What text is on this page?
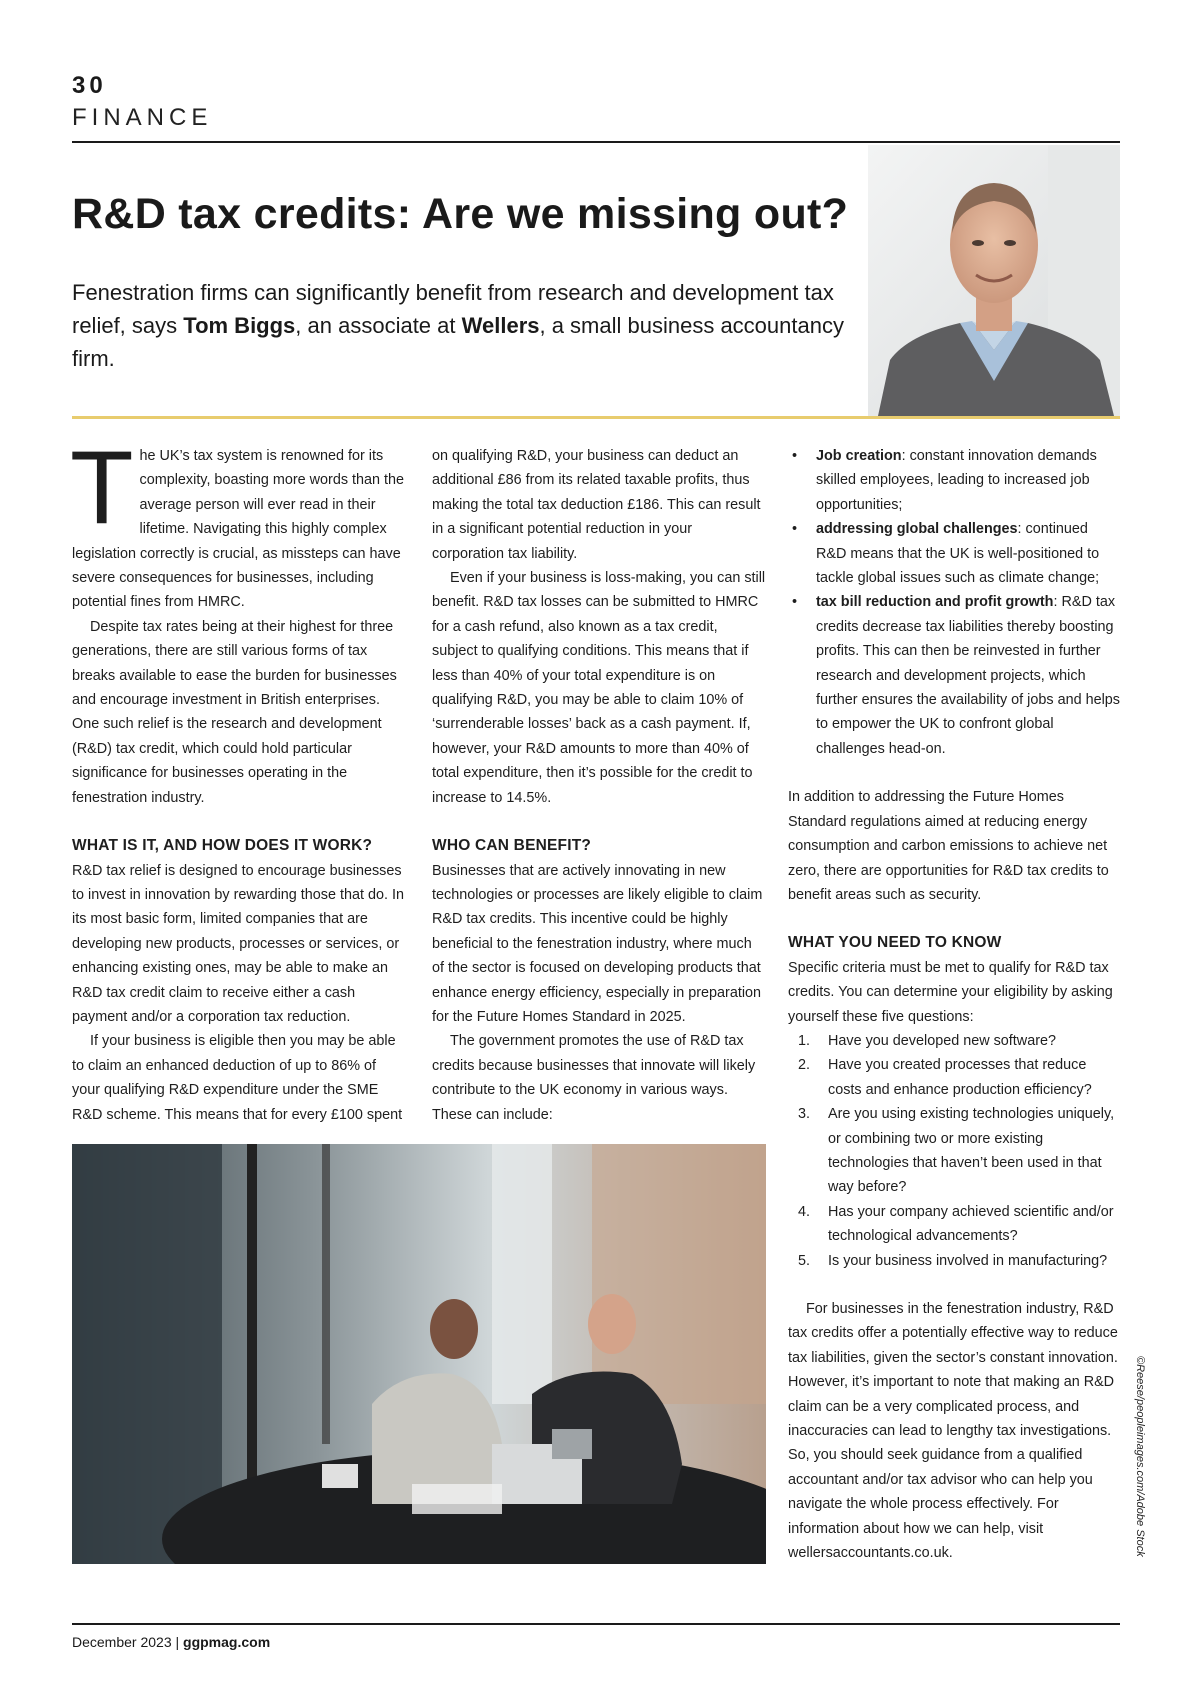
30
FINANCE
R&D tax credits: Are we missing out?
Fenestration firms can significantly benefit from research and development tax relief, says Tom Biggs, an associate at Wellers, a small business accountancy firm.

The UK’s tax system is renowned for its complexity, boasting more words than the average person will ever read in their lifetime. Navigating this highly complex legislation correctly is crucial, as missteps can have severe consequences for businesses, including potential fines from HMRC.

Despite tax rates being at their highest for three generations, there are still various forms of tax breaks available to ease the burden for businesses and encourage investment in British enterprises. One such relief is the research and development (R&D) tax credit, which could hold particular significance for businesses operating in the fenestration industry.

WHAT IS IT, AND HOW DOES IT WORK?

R&D tax relief is designed to encourage businesses to invest in innovation by rewarding those that do. In its most basic form, limited companies that are developing new products, processes or services, or enhancing existing ones, may be able to make an R&D tax credit claim to receive either a cash payment and/or a corporation tax reduction.

If your business is eligible then you may be able to claim an enhanced deduction of up to 86% of your qualifying R&D expenditure under the SME R&D scheme. This means that for every £100 spent

on qualifying R&D, your business can deduct an additional £86 from its related taxable profits, thus making the total tax deduction £186. This can result in a significant potential reduction in your corporation tax liability.

Even if your business is loss-making, you can still benefit. R&D tax losses can be submitted to HMRC for a cash refund, also known as a tax credit, subject to qualifying conditions. This means that if less than 40% of your total expenditure is on qualifying R&D, you may be able to claim 10% of ‘surrenderable losses’ back as a cash payment. If, however, your R&D amounts to more than 40% of total expenditure, then it’s possible for the credit to increase to 14.5%.

WHO CAN BENEFIT?

Businesses that are actively innovating in new technologies or processes are likely eligible to claim R&D tax credits. This incentive could be highly beneficial to the fenestration industry, where much of the sector is focused on developing products that enhance energy efficiency, especially in preparation for the Future Homes Standard in 2025.

The government promotes the use of R&D tax credits because businesses that innovate will likely contribute to the UK economy in various ways. These can include:

• Job creation: constant innovation demands skilled employees, leading to increased job opportunities;
• addressing global challenges: continued R&D means that the UK is well-positioned to tackle global issues such as climate change;
• tax bill reduction and profit growth: R&D tax credits decrease tax liabilities thereby boosting profits. This can then be reinvested in further research and development projects, which further ensures the availability of jobs and helps to empower the UK to confront global challenges head-on.

In addition to addressing the Future Homes Standard regulations aimed at reducing energy consumption and carbon emissions to achieve net zero, there are opportunities for R&D tax credits to benefit areas such as security.

WHAT YOU NEED TO KNOW

Specific criteria must be met to qualify for R&D tax credits. You can determine your eligibility by asking yourself these five questions:

1. Have you developed new software?
2. Have you created processes that reduce costs and enhance production efficiency?
3. Are you using existing technologies uniquely, or combining two or more existing technologies that haven’t been used in that way before?
4. Has your company achieved scientific and/or technological advancements?
5. Is your business involved in manufacturing?

For businesses in the fenestration industry, R&D tax credits offer a potentially effective way to reduce tax liabilities, given the sector’s constant innovation. However, it’s important to note that making an R&D claim can be a very complicated process, and inaccuracies can lead to lengthy tax investigations. So, you should seek guidance from a qualified accountant and/or tax advisor who can help you navigate the whole process effectively. For information about how we can help, visit wellersaccountants.co.uk.	©Reese/peopleimages.com/Adobe Stock
December 2023 | ggpmag.com
